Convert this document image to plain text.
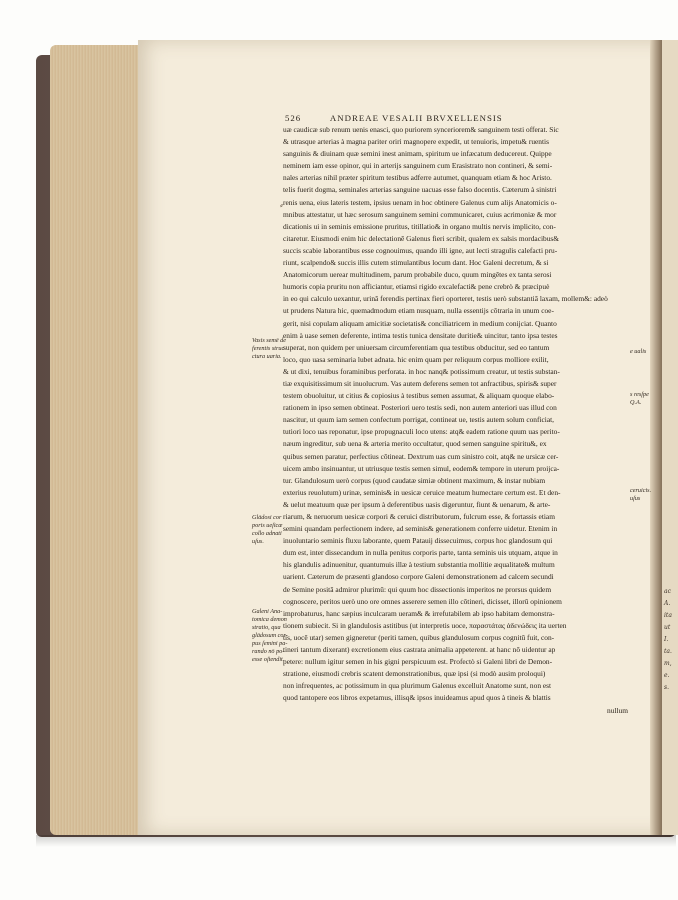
ac
A.
ita
ut
I.
ta.
m,
e.
s.
526	ANDREAE VESALII BRVXELLENSIS
⸗
uæ caudicæ sub renum uenis enasci, quo puriorem synceriorem& sanguinem testi offerat. Sic
& utrasque arterias à magna pariter oriri magnopere expedit, ut tenuioris, impetu& ruentis
sanguinis & diuinam quæ semini inest animam, spiritum ue infæcatum deducereut. Quippe
neminem iam esse opinor, qui in arterijs sanguinem cum Erasistrato non contineri, & semi-
nales arterias nihil præter spiritum testibus adferre autumet, quanquam etiam & hoc Aristo.
telis fuerit dogma, seminales arterias sanguine uacuas esse falso docentis. Cæterum à sinistri
renis uena, eius lateris testem, ipsius uenam in hoc obtinere Galenus cum alijs Anatomicis o-
mnibus attestatur, ut hæc serosum sanguinem semini communicaret, cuius acrimoniæ & mor
dicationis ui in seminis emissione pruritus, titillatio& in organo multis nervis implicito, con-
citaretur. Eiusmodi enim hic delectationē Galenus fieri scribit, qualem ex salsis mordacibus&
succis scabie laborantibus esse cognouimus, quando illi igne, aut lecti stragulis calefacti pru-
riunt, scalpendo& succis illis cutem stimulantibus locum dant. Hoc Galeni decretum, & si
Anatomicorum uerear multitudinem, parum probabile duco, quum mingētes ex tanta serosi
humoris copia pruritu non afficiantur, etiamsi rigido excalefacti& pene crebrò & præcipuè
in eo qui calculo uexantur, urinā ferendis pertinax fieri oporteret, testis uerò substantiā laxam, mollem&: adeò
ut prudens Natura hic, quemadmodum etiam nusquam, nulla essentijs cōtraria in unum coe-
gerit, nisi copulam aliquam amicitiæ societatis& conciliatricem in medium conijciat. Quanto
enim à uase semen deferente, intima testis tunica densitate duritie& uincitur, tanto ipsa testes
superat, non quidem per uniuersam circumferentiam qua testibus obducitur, sed eo tantum
loco, quo uasa seminaria lubet adnata. hic enim quam per reliquum corpus molliore exilit,
& ut dixi, tenuibus foraminibus perforata. in hoc nanq& potissimum creatur, ut testis substan-
tiæ exquisitissimum sit inuolucrum. Vas autem deferens semen tot anfractibus, spiris& super
testem obuoluitur, ut citius & copiosius à testibus semen assumat, & aliquam quoque elabo-
rationem in ipso semen obtineat. Posteriori uero testis sedi, non autem anteriori uas illud con
nascitur, ut quum iam semen confectum porrigat, contineat ue, testis autem solum conficiat,
tutiori loco uas reponatur, ipse propugnaculi loco utens: atq& eadem ratione quum uas perito-
næum ingreditur, sub uena & arteria merito occultatur, quod semen sanguine spiritu&, ex
quibus semen paratur, perfectius cōtineat. Dextrum uas cum sinistro coit, atq& ne ursicæ cer-
uicem ambo insinuantur, ut utriusque testis semen simul, eodem& tempore in uterum proijca-
tur. Glandulosum uerò corpus (quod caudatæ simiæ obtinent maximum, & instar nubiam
exterius reuolutum) urinæ, seminis& in uesicæ ceruice meatum humectare certum est. Et den-
& uelut meatuum quæ per ipsum à deferentibus uasis digeruntur, fiunt & uenarum, & arte-
riarum, & neruorum uesicæ corpori & ceruici distributorum, fulcrum esse, & fortassis etiam
semini quandam perfectionem indere, ad seminis& generationem conferre uidetur. Etenim in
inuoluntario seminis fluxu laborante, quem Patauij dissecuimus, corpus hoc glandosum qui
dum est, inter dissecandum in nulla penitus corporis parte, tanta seminis uis utquam, atque in
his glandulis adinuenitur, quantumuis illæ à testium substantia mollitie æqualitate& multum
uarient. Cæterum de præsenti glandoso corpore Galeni demonstrationem ad calcem secundi
de Semine positā admiror plurimū: qui quum hoc dissectionis imperitos ne prorsus quidem
cognoscere, peritos uerò uno ore omnes asserere semen illo cōtineri, dicisset, illorū opinionem
improbaturus, hanc sæpius inculcaram ueram& & irrefutabilem ab ipso habitam demonstra-
tionem subiecit. Si in glandulosis astitibus (ut interpretis uoce, παραστάτας ἀδενώδεις ita uerten
tis, uocē utar) semen gigneretur (periti tamen, quibus glandulosum corpus cognitū fuit, con-
tineri tantum dixerant) excretionem eius castrata animalia appeterent. at hanc nō uidentur ap
petere: nullum igitur semen in his gigni perspicuum est. Profectò si Galeni libri de Demon-
stratione, eiusmodi crebris scatent demonstrationibus, quæ ipsi (si modò ausim proloqui)
non infrequentes, ac potissimum in qua plurimum Galenus excelluit Anatome sunt, non est
quod tantopere eos libros expetamus, illisq& ipsos inuideamus apud quos à tineis & blattis
nullum
Vasis semē de ferentis struc ctura uaria.
Glādosi cor poris ueſicæ collo adnati uſus.
Galeni Ana-tomica demon stratio, qua glādosum cor-pus ſemini pa-rando nō po-esse oſtendit.
e ualis
s resſpe Q.A.
ceruicis. uſus
